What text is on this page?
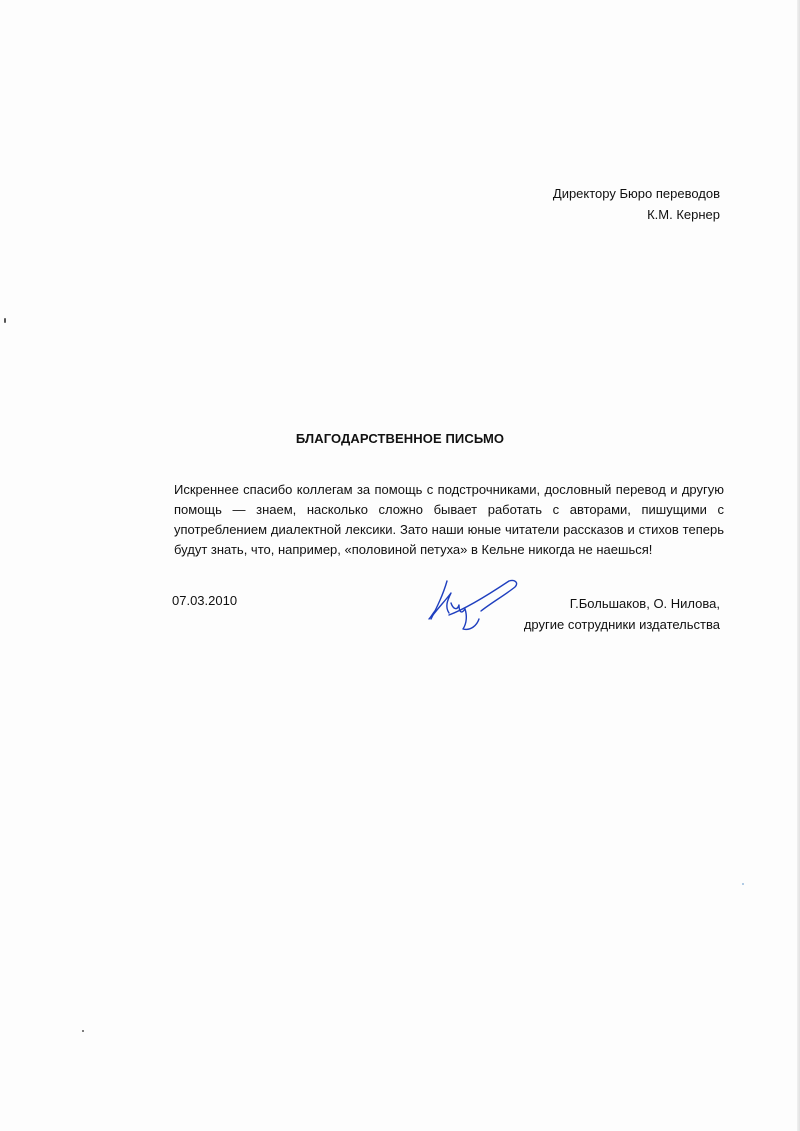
Директору Бюро переводов
К.М. Кернер
БЛАГОДАРСТВЕННОЕ ПИСЬМО
Искреннее спасибо коллегам за помощь с подстрочниками, дословный перевод и другую помощь — знаем, насколько сложно бывает работать с авторами, пишущими с употреблением диалектной лексики. Зато наши юные читатели рассказов и стихов теперь будут знать, что, например, «половиной петуха» в Кельне никогда не наешься!
07.03.2010	Г.Большаков, О. Нилова,
другие сотрудники издательства
